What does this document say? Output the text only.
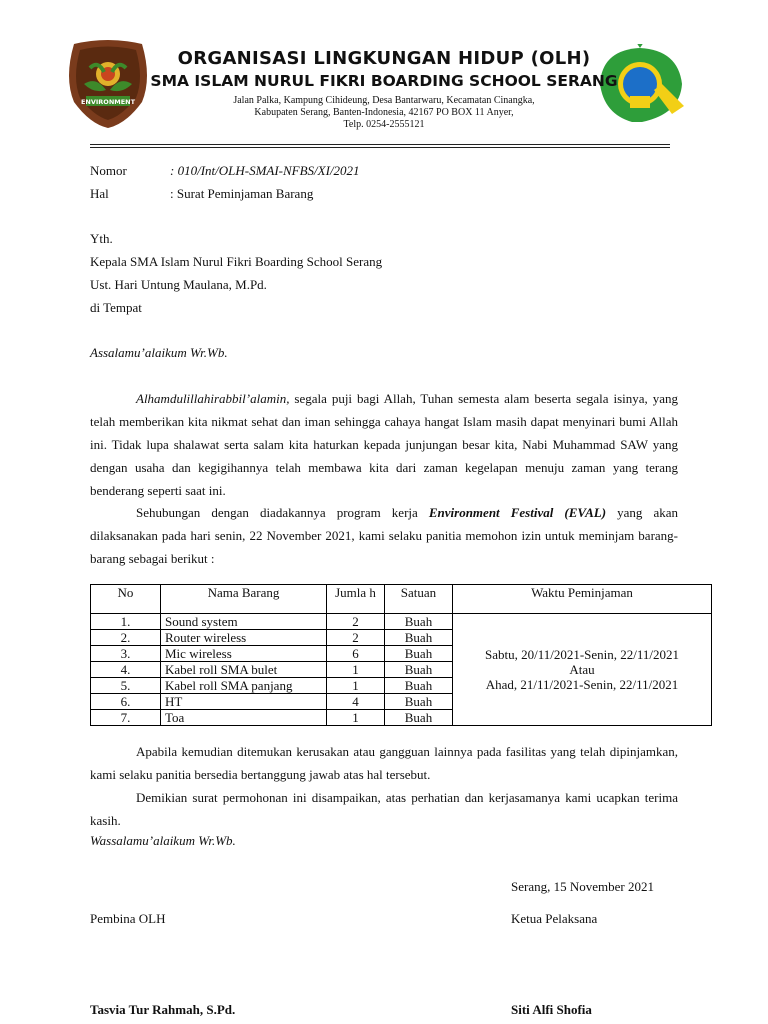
ENVIRONMENT
ORGANISASI LINGKUNGAN HIDUP (OLH)
SMA ISLAM NURUL FIKRI BOARDING SCHOOL SERANG
Jalan Palka, Kampung Cihideung, Desa Bantarwaru, Kecamatan Cinangka,
Kabupaten Serang, Banten-Indonesia, 42167 PO BOX 11 Anyer,
Telp. 0254-2555121
Nomor	: 010/Int/OLH-SMAI-NFBS/XI/2021
Hal	: Surat Peminjaman Barang
Yth.
Kepala SMA Islam Nurul Fikri Boarding School Serang
Ust. Hari Untung Maulana, M.Pd.
di Tempat
Assalamu’alaikum Wr.Wb.

Alhamdulillahirabbil’alamin, segala puji bagi Allah, Tuhan semesta alam beserta segala isinya, yang telah memberikan kita nikmat sehat dan iman sehingga cahaya hangat Islam masih dapat menyinari bumi Allah ini. Tidak lupa shalawat serta salam kita haturkan kepada junjungan besar kita, Nabi Muhammad SAW yang dengan usaha dan kegigihannya telah membawa kita dari zaman kegelapan menuju zaman yang terang benderang seperti saat ini.

Sehubungan dengan diadakannya program kerja Environment Festival (EVAL) yang akan dilaksanakan pada hari senin, 22 November 2021, kami selaku panitia memohon izin untuk meminjam barang-barang sebagai berikut :

No	Nama Barang	Jumla h	Satuan	Waktu Peminjaman
1.	Sound system	2	Buah	Sabtu, 20/11/2021-Senin, 22/11/2021
Atau
Ahad, 21/11/2021-Senin, 22/11/2021

2.	Router wireless	2	Buah	
3.	Mic wireless	6	Buah	
4.	Kabel roll SMA bulet	1	Buah	
5.	Kabel roll SMA panjang	1	Buah	
6.	HT	4	Buah	
7.	Toa	1	Buah	

Apabila kemudian ditemukan kerusakan atau gangguan lainnya pada fasilitas yang telah dipinjamkan, kami selaku panitia bersedia bertanggung jawab atas hal tersebut.

Demikian surat permohonan ini disampaikan, atas perhatian dan kerjasamanya kami ucapkan terima kasih.

Wassalamu’alaikum Wr.Wb.
Serang, 15 November 2021
Pembina OLH	Ketua Pelaksana
Tasvia Tur Rahmah, S.Pd.	Siti Alfi Shofia
